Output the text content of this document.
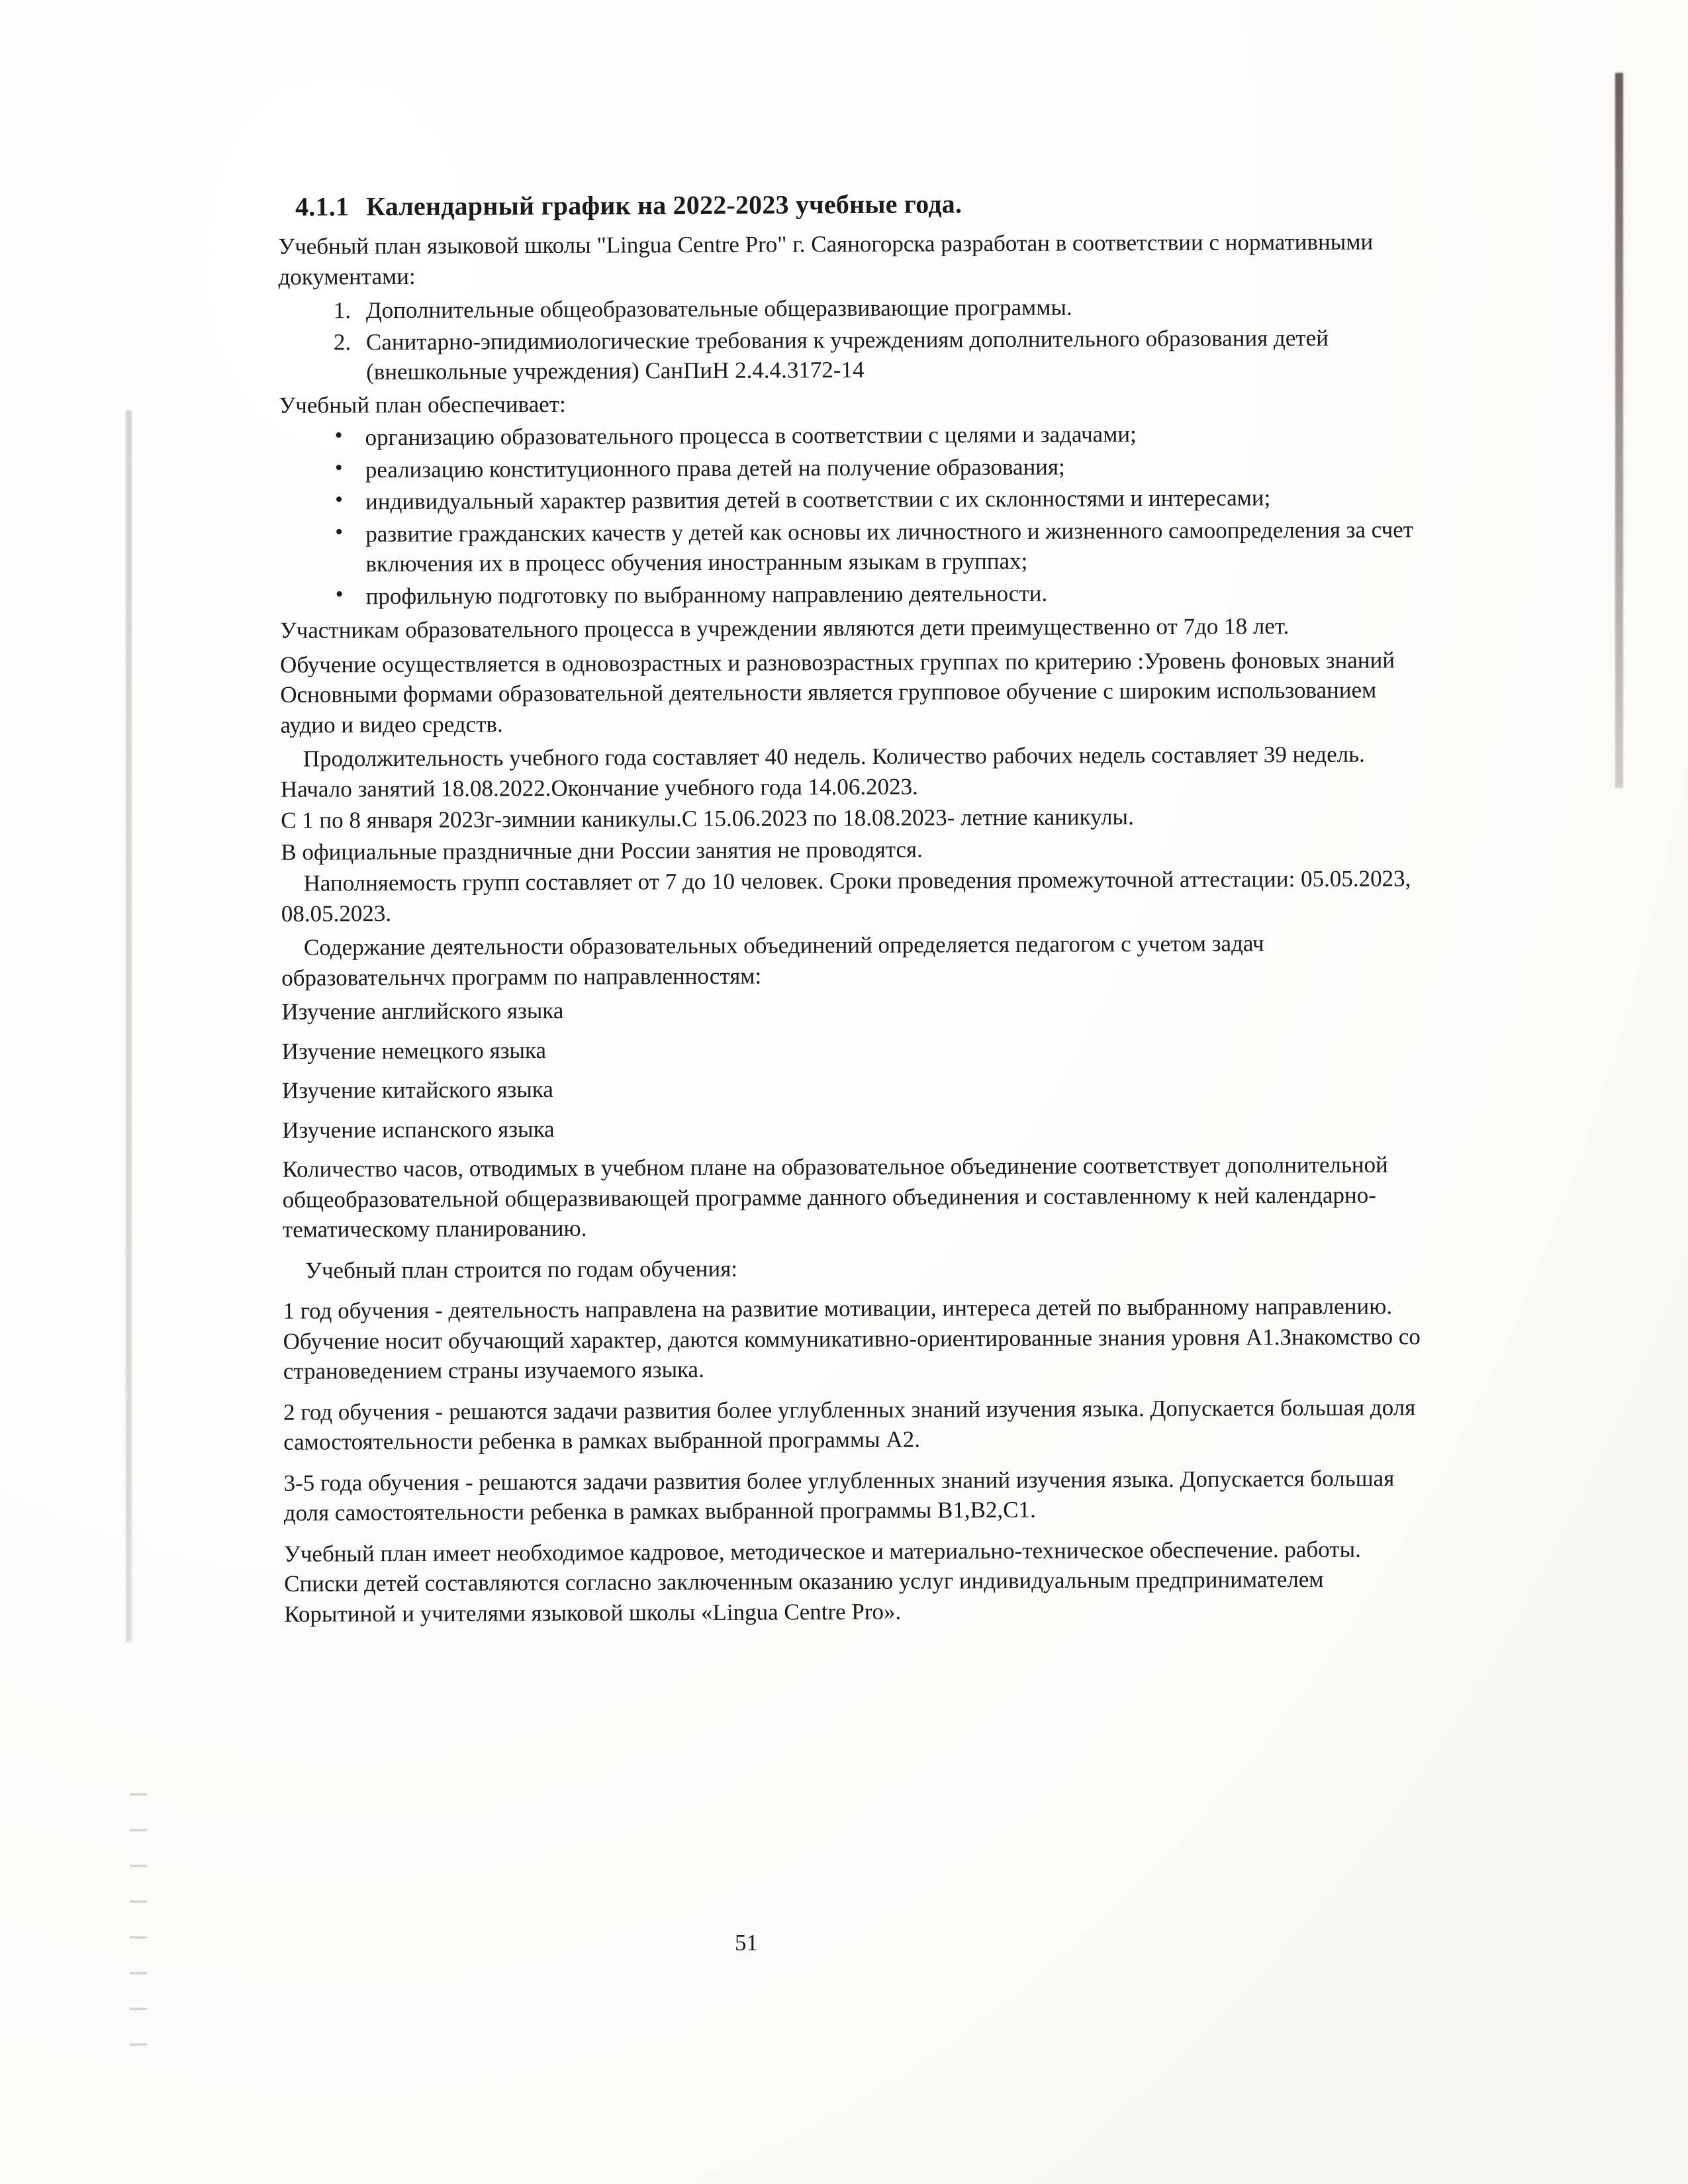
4.1.1 Календарный график на 2022-2023 учебные года.

Учебный план языковой школы "Lingua Centre Pro" г. Саяногорска разработан в соответствии с нормативными документами:

1. Дополнительные общеобразовательные общеразвивающие программы.
2. Санитарно-эпидимиологические требования к учреждениям дополнительного образования детей (внешкольные учреждения) СанПиН 2.4.4.3172-14

Учебный план обеспечивает:

• организацию образовательного процесса в соответствии с целями и задачами;
• реализацию конституционного права детей на получение образования;
• индивидуальный характер развития детей в соответствии с их склонностями и интересами;
• развитие гражданских качеств у детей как основы их личностного и жизненного самоопределения за счет включения их в процесс обучения иностранным языкам в группах;
• профильную подготовку по выбранному направлению деятельности.

Участникам образовательного процесса в учреждении являются дети преимущественно от 7до 18 лет.

Обучение осуществляется в одновозрастных и разновозрастных группах по критерию :Уровень фоновых знаний Основными формами образовательной деятельности является групповое обучение с широким использованием аудио и видео средств.

Продолжительность учебного года составляет 40 недель. Количество рабочих недель составляет 39 недель. Начало занятий 18.08.2022.Окончание учебного года 14.06.2023.

С 1 по 8 января 2023г-зимнии каникулы.С 15.06.2023 по 18.08.2023- летние каникулы.

В официальные праздничные дни России занятия не проводятся.

Наполняемость групп составляет от 7 до 10 человек. Сроки проведения промежуточной аттестации: 05.05.2023, 08.05.2023.

Содержание деятельности образовательных объединений определяется педагогом с учетом задач образовательнчх программ по направленностям:

Изучение английского языка

Изучение немецкого языка

Изучение китайского языка

Изучение испанского языка

Количество часов, отводимых в учебном плане на образовательное объединение соответствует дополнительной общеобразовательной общеразвивающей программе данного объединения и составленному к ней календарно-тематическому планированию.

Учебный план строится по годам обучения:

1 год обучения - деятельность направлена на развитие мотивации, интереса детей по выбранному направлению. Обучение носит обучающий характер, даются коммуникативно-ориентированные знания уровня А1.Знакомство со страноведением страны изучаемого языка.

2 год обучения - решаются задачи развития более углубленных знаний изучения языка. Допускается большая доля самостоятельности ребенка в рамках выбранной программы А2.

3-5 года обучения - решаются задачи развития более углубленных знаний изучения языка. Допускается большая доля самостоятельности ребенка в рамках выбранной программы В1,В2,С1.

Учебный план имеет необходимое кадровое, методическое и материально-техническое обеспечение. работы. Списки детей составляются согласно заключенным оказанию услуг индивидуальным предпринимателем Корытиной и учителями языковой школы «Lingua Centre Pro».

51
